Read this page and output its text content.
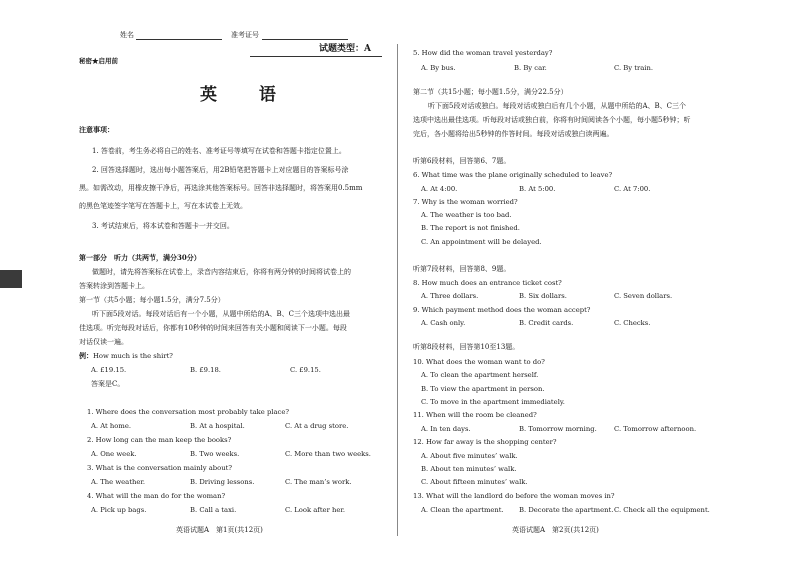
姓名	准考证号
试题类型：A
秘密★启用前
英 语
注意事项：
1. 答卷前，考生务必将自己的姓名、准考证号等填写在试卷和答题卡指定位置上。
2. 回答选择题时，选出每小题答案后，用2B铅笔把答题卡上对应题目的答案标号涂
黑。如需改动，用橡皮擦干净后，再选涂其他答案标号。回答非选择题时，将答案用0.5mm
的黑色笔迹签字笔写在答题卡上，写在本试卷上无效。
3. 考试结束后，将本试卷和答题卡一并交回。
第一部分　听力（共两节，满分30分）
做题时，请先将答案标在试卷上，录音内容结束后，你将有两分钟的时间将试卷上的
答案转涂到答题卡上。
第一节（共5小题；每小题1.5分，满分7.5分）
听下面5段对话。每段对话后有一个小题，从题中所给的A、B、C三个选项中选出最
佳选项。听完每段对话后，你都有10秒钟的时间来回答有关小题和阅读下一小题。每段
对话仅读一遍。
例： How much is the shirt?
A. £19.15.	B. £9.18.	C. £9.15.
答案是C。
1. Where does the conversation most probably take place?
A. At home.	B. At a hospital.	C. At a drug store.
2. How long can the man keep the books?
A. One week.	B. Two weeks.	C. More than two weeks.
3. What is the conversation mainly about?
A. The weather.	B. Driving lessons.	C. The man’s work.
4. What will the man do for the woman?
A. Pick up bags.	B. Call a taxi.	C. Look after her.
英语试题A　第1页(共12页)
5. How did the woman travel yesterday?
A. By bus.	B. By car.	C. By train.
第二节（共15小题；每小题1.5分，满分22.5分）
听下面5段对话或独白。每段对话或独白后有几个小题，从题中所给的A、B、C三个
选项中选出最佳选项。听每段对话或独白前，你将有时间阅读各个小题，每小题5秒钟；听
完后，各小题将给出5秒钟的作答时间。每段对话或独白读两遍。
听第6段材料，回答第6、7题。
6. What time was the plane originally scheduled to leave?
A. At 4:00.	B. At 5:00.	C. At 7:00.
7. Why is the woman worried?
A. The weather is too bad.
B. The report is not finished.
C. An appointment will be delayed.
听第7段材料，回答第8、9题。
8. How much does an entrance ticket cost?
A. Three dollars.	B. Six dollars.	C. Seven dollars.
9. Which payment method does the woman accept?
A. Cash only.	B. Credit cards.	C. Checks.
听第8段材料，回答第10至13题。
10. What does the woman want to do?
A. To clean the apartment herself.
B. To view the apartment in person.
C. To move in the apartment immediately.
11. When will the room be cleaned?
A. In ten days.	B. Tomorrow morning.	C. Tomorrow afternoon.
12. How far away is the shopping center?
A. About five minutes’ walk.
B. About ten minutes’ walk.
C. About fifteen minutes’ walk.
13. What will the landlord do before the woman moves in?
A. Clean the apartment. B. Decorate the apartment. C. Check all the equipment.
英语试题A　第2页(共12页)
